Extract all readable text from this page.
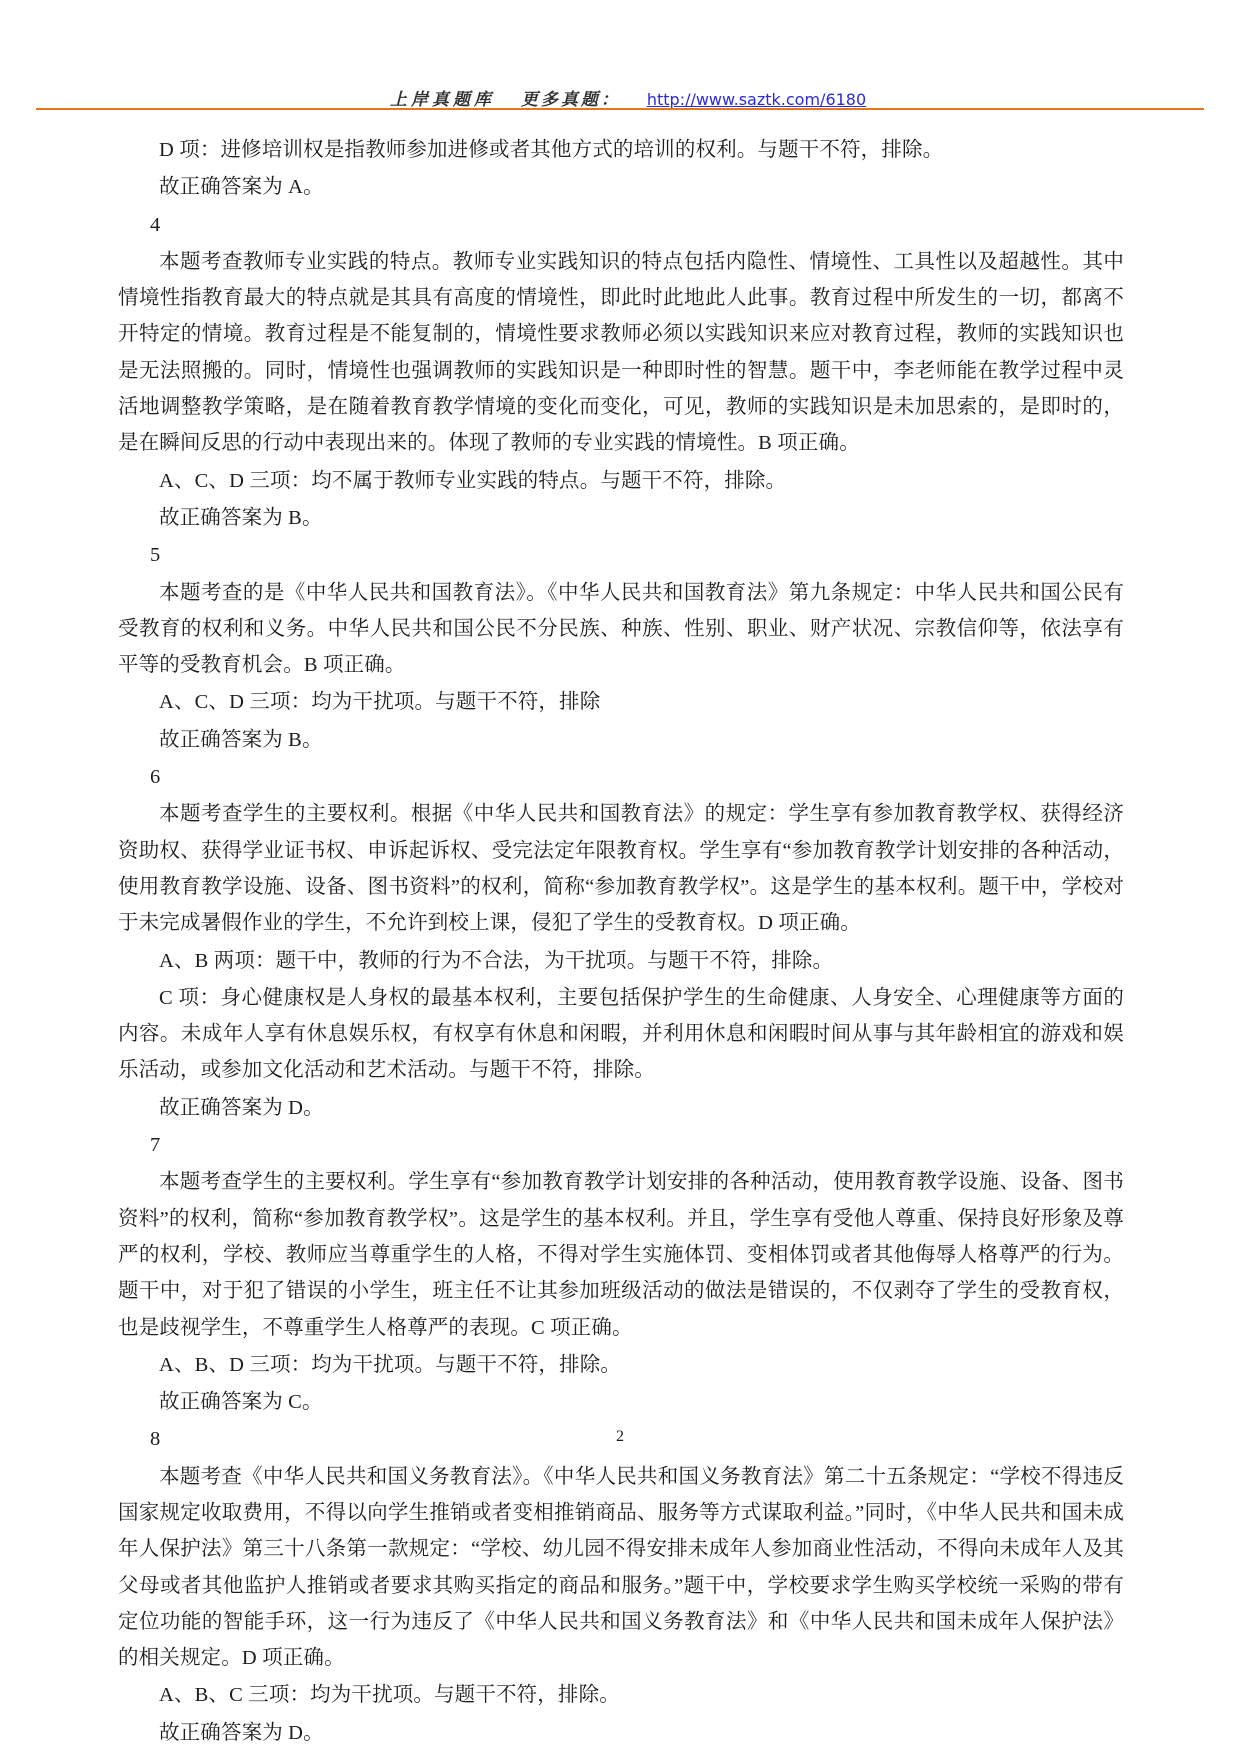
上岸真题库 更多真题： http://www.saztk.com/6180

D 项：进修培训权是指教师参加进修或者其他方式的培训的权利。与题干不符，排除。

故正确答案为 A。

4

本题考查教师专业实践的特点。教师专业实践知识的特点包括内隐性、情境性、工具性以及超越性。其中情境性指教育最大的特点就是其具有高度的情境性，即此时此地此人此事。教育过程中所发生的一切，都离不开特定的情境。教育过程是不能复制的，情境性要求教师必须以实践知识来应对教育过程，教师的实践知识也是无法照搬的。同时，情境性也强调教师的实践知识是一种即时性的智慧。题干中，李老师能在教学过程中灵活地调整教学策略，是在随着教育教学情境的变化而变化，可见，教师的实践知识是未加思索的，是即时的，是在瞬间反思的行动中表现出来的。体现了教师的专业实践的情境性。B 项正确。

A、C、D 三项：均不属于教师专业实践的特点。与题干不符，排除。

故正确答案为 B。

5

本题考查的是《中华人民共和国教育法》。《中华人民共和国教育法》第九条规定：中华人民共和国公民有受教育的权利和义务。中华人民共和国公民不分民族、种族、性别、职业、财产状况、宗教信仰等，依法享有平等的受教育机会。B 项正确。

A、C、D 三项：均为干扰项。与题干不符，排除

故正确答案为 B。

6

本题考查学生的主要权利。根据《中华人民共和国教育法》的规定：学生享有参加教育教学权、获得经济资助权、获得学业证书权、申诉起诉权、受完法定年限教育权。学生享有“参加教育教学计划安排的各种活动，使用教育教学设施、设备、图书资料”的权利，简称“参加教育教学权”。这是学生的基本权利。题干中，学校对于未完成暑假作业的学生，不允许到校上课，侵犯了学生的受教育权。D 项正确。

A、B 两项：题干中，教师的行为不合法，为干扰项。与题干不符，排除。

C 项：身心健康权是人身权的最基本权利，主要包括保护学生的生命健康、人身安全、心理健康等方面的内容。未成年人享有休息娱乐权，有权享有休息和闲暇，并利用休息和闲暇时间从事与其年龄相宜的游戏和娱乐活动，或参加文化活动和艺术活动。与题干不符，排除。

故正确答案为 D。

7

本题考查学生的主要权利。学生享有“参加教育教学计划安排的各种活动，使用教育教学设施、设备、图书资料”的权利，简称“参加教育教学权”。这是学生的基本权利。并且，学生享有受他人尊重、保持良好形象及尊严的权利，学校、教师应当尊重学生的人格，不得对学生实施体罚、变相体罚或者其他侮辱人格尊严的行为。题干中，对于犯了错误的小学生，班主任不让其参加班级活动的做法是错误的，不仅剥夺了学生的受教育权，也是歧视学生，不尊重学生人格尊严的表现。C 项正确。

A、B、D 三项：均为干扰项。与题干不符，排除。

故正确答案为 C。

8

本题考查《中华人民共和国义务教育法》。《中华人民共和国义务教育法》第二十五条规定：“学校不得违反国家规定收取费用，不得以向学生推销或者变相推销商品、服务等方式谋取利益。”同时，《中华人民共和国未成年人保护法》第三十八条第一款规定：“学校、幼儿园不得安排未成年人参加商业性活动，不得向未成年人及其父母或者其他监护人推销或者要求其购买指定的商品和服务。”题干中，学校要求学生购买学校统一采购的带有定位功能的智能手环，这一行为违反了《中华人民共和国义务教育法》和《中华人民共和国未成年人保护法》的相关规定。D 项正确。

A、B、C 三项：均为干扰项。与题干不符，排除。

故正确答案为 D。

2
